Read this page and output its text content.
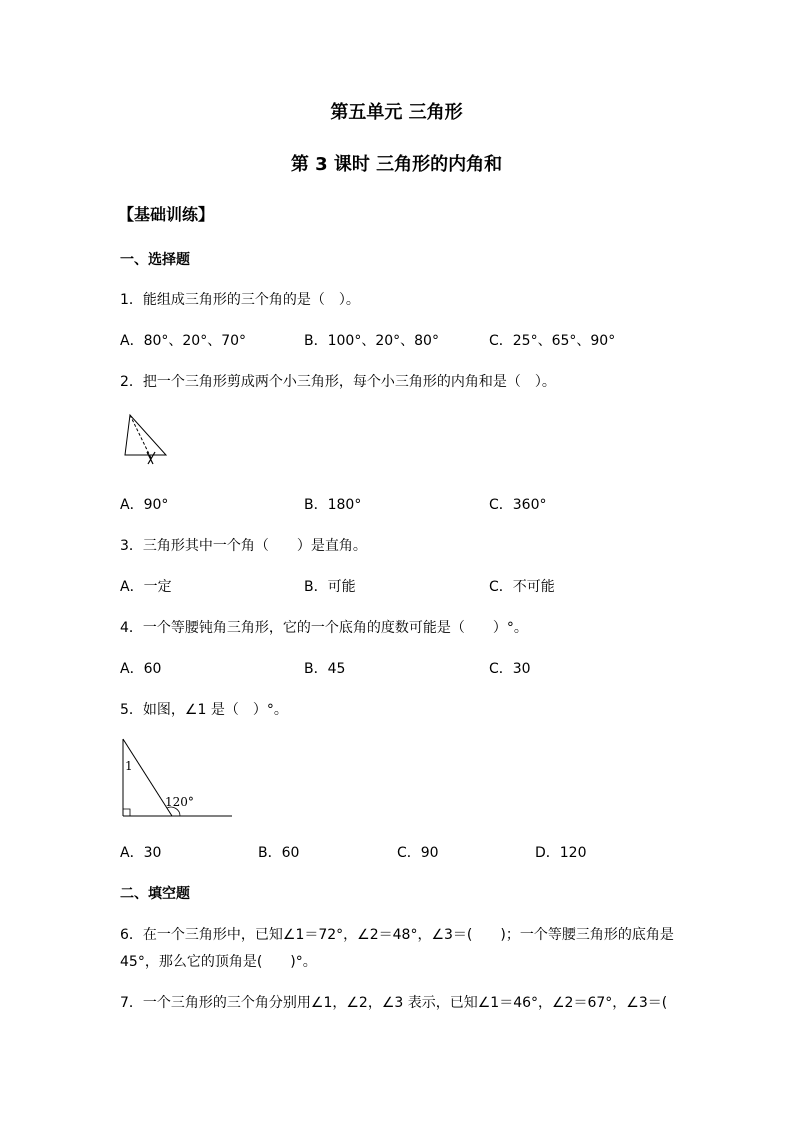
第五单元 三角形
第 3 课时 三角形的内角和
【基础训练】
一、选择题
1．能组成三角形的三个角的是（　）。
A．80°、20°、70°	B．100°、20°、80°	C．25°、65°、90°
2．把一个三角形剪成两个小三角形，每个小三角形的内角和是（　）。
A．90°	B．180°	C．360°
3．三角形其中一个角（　　）是直角。
A．一定	B．可能	C．不可能
4．一个等腰钝角三角形，它的一个底角的度数可能是（　　）°。
A．60	B．45	C．30
5．如图，∠1 是（　）°。
1
120°
A．30	B．60	C．90	D．120
二、填空题
6．在一个三角形中，已知∠1＝72°，∠2＝48°，∠3＝(　　)；一个等腰三角形的底角是
45°，那么它的顶角是(　　)°。
7．一个三角形的三个角分别用∠1，∠2，∠3 表示，已知∠1＝46°，∠2＝67°，∠3＝(
